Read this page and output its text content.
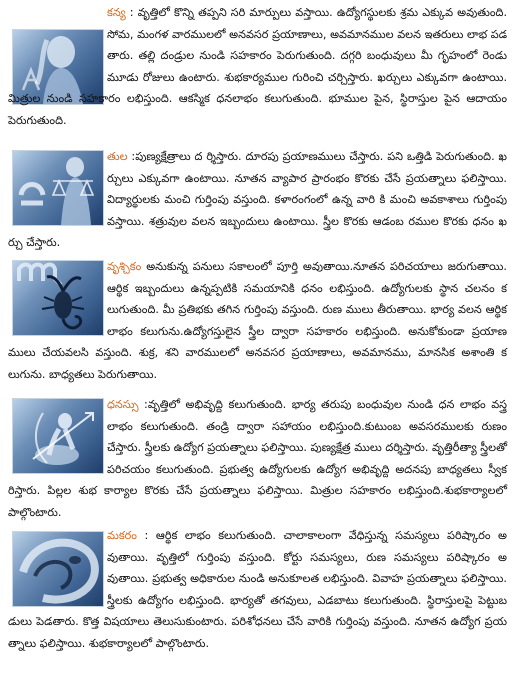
కన్య : వృత్తిలో కొన్ని తప్పని సరి మార్పులు వస్తాయి. ఉద్యోగస్థులకు శ్రమ ఎక్కువ అవుతుంది. సోమ, మంగళ వారములలో అనవసర ప్రయాణాలు, అవమానముల వలన ఇతరులు లాభ పడతారు. తల్లి దండ్రుల నుండి సహకారం పెరుగుతుంది. దగ్గరి బంధువులు మీ గృహంలో రెండు మూడు రోజులు ఉంటారు. శుభకార్యముల గురించి చర్చిస్తారు. ఖర్చులు ఎక్కువగా ఉంటాయి. మిత్రుల నుండి సహకారం లభిస్తుంది. ఆకస్మిక ధనలాభం కలుగుతుంది. భూముల పైన, స్థిరాస్తుల పైన ఆదాయం పెరుగుతుంది.
తుల :పుణ్యక్షేత్రాలు ద ర్శిస్తారు. దూరపు ప్రయాణములు చేస్తారు. పని ఒత్తిడి పెరుగుతుంది. ఖర్చులు ఎక్కువగా ఉంటాయి. నూతన వ్యాపార ప్రారంభం కొరకు చేసే ప్రయత్నాలు ఫలిస్తాయి. విద్యార్థులకు మంచి గుర్తింపు వస్తుంది. కళారంగంలో ఉన్న వారి కి మంచి అవకాశాలు గుర్తింపు వస్తాయి. శత్రువుల వలన ఇబ్బందులు ఉంటాయి. స్త్రీల కొరకు ఆడంబ రముల కొరకు ధనం ఖర్చు చేస్తారు.
వృశ్చికం అనుకున్న పనులు సకాలంలో పూర్తి అవుతాయి.నూతన పరిచయాలు జరుగుతాయి. ఆర్థిక ఇబ్బందులు ఉన్నప్పటికి సమయానికి ధనం లభిస్తుంది. ఉద్యోగులకు స్థాన చలనం కలుగుతుంది. మీ ప్రతిభకు తగిన గుర్తింపు వస్తుంది. రుణ ములు తీరుతాయి. భార్య వలన ఆర్థిక లాభం కలుగును.ఉద్యోగస్తులైన స్త్రీల ద్వారా సహకారం లభిస్తుంది. అనుకోకుండా ప్రయాణములు చేయవలసి వస్తుంది. శుక్ర, శని వారములలో అనవసర ప్రయాణాలు, అవమానము, మానసిక అశాంతి కలుగును. బాధ్యతలు పెరుగుతాయి.
ధనస్సు :వృత్తిలో అభివృద్ది కలుగుతుంది. భార్య తరుపు బంధువుల నుండి ధన లాభం వస్త్ర లాభం కలుగుతుంది. తండ్రి ద్వారా సహాయం లభిస్తుంది.కుటుంబ అవసరములకు రుణం చేస్తారు. స్త్రీలకు ఉద్యోగ ప్రయత్నాలు ఫలిస్తాయి. పుణ్యక్షేత్ర ములు దర్శిస్తారు. వృత్తిరీత్యా స్త్రీలతో పరిచయం కలుగుతుంది. ప్రభుత్వ ఉద్యోగులకు ఉద్యోగ అభివృద్ది అదనపు బాధ్యతలు స్వీకరిస్తారు. పిల్లల శుభ కార్యాల కొరకు చేసే ప్రయత్నాలు ఫలిస్తాయి. మిత్రుల సహకారం లభిస్తుంది.శుభకార్యాలలో పాల్గొంటారు.
మకరం : ఆర్థిక లాభం కలుగుతుంది. చాలాకాలంగా వేధిస్తున్న సమస్యలు పరిష్కారం అవుతాయి. వృత్తిలో గుర్తింపు వస్తుంది. కోర్టు సమస్యలు, రుణ సమస్యలు పరిష్కారం అవుతాయి. ప్రభుత్వ అధికారుల నుండి అనుకూలత లభిస్తుంది. వివాహ ప్రయత్నాలు ఫలిస్తాయి. స్త్రీలకు ఉద్యోగం లభిస్తుంది. భార్యతో తగవులు, ఎడబాటు కలుగుతుంది. స్థిరాస్తులపై పెట్టుబడులు పెడతారు. కొత్త విషయాలు తెలుసుకుంటారు. పరిశోధనలు చేసే వారికి గుర్తింపు వస్తుంది. నూతన ఉద్యోగ ప్రయత్నాలు ఫలిస్తాయి. శుభకార్యాలలో పాల్గొంటారు.
